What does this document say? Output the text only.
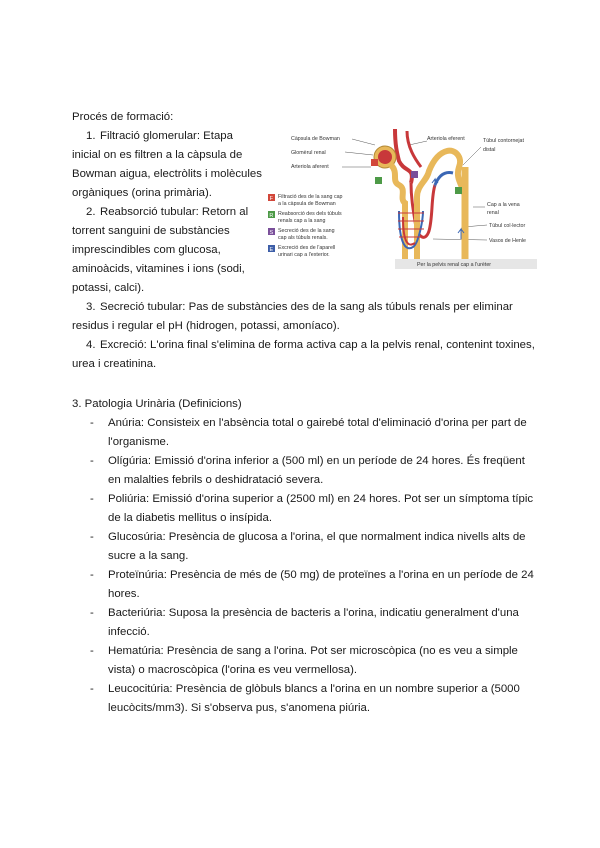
Procés de formació:
1. Filtració glomerular: Etapa
inicial on es filtren a la càpsula de
Bowman aigua, electròlits i molècules
orgàniques (orina primària).
2. Reabsorció tubular: Retorn al
torrent sanguini de substàncies
imprescindibles com glucosa,
aminoàcids, vitamines i ions (sodi,
potassi, calci).
3. Secreció tubular: Pas de substàncies des de la sang als túbuls renals per eliminar
residus i regular el pH (hidrogen, potassi, amoníaco).
4. Excreció: L'orina final s'elimina de forma activa cap a la pelvis renal, contenint toxines,
urea i creatinina.
Càpsula de Bowman
Glomèrul renal
Arteriola aferent
Arteriola eferent	Túbul contornejat
distal
Cap a la vena
renal
Túbul col·lector
Vasos de Henle
Per la pelvis renal cap a l'urèter
F Filtració des de la sang cap
a la càpsula de Bowman
R Reabsorció des dels túbuls
renals cap a la sang
S Secreció des de la sang
cap als túbuls renals.
E Excreció des de l'aparell
urinari cap a l'exterior.
3. Patologia Urinària (Definicions)
- Anúria: Consisteix en l'absència total o gairebé total d'eliminació d'orina per part de
l'organisme.
- Olígúria: Emissió d'orina inferior a (500 ml) en un període de 24 hores. És freqüent
en malalties febrils o deshidratació severa.
- Poliúria: Emissió d'orina superior a (2500 ml) en 24 hores. Pot ser un símptoma típic
de la diabetis mellitus o insípida.
- Glucosúria: Presència de glucosa a l'orina, el que normalment indica nivells alts de
sucre a la sang.
- Proteïnúria: Presència de més de (50 mg) de proteïnes a l'orina en un període de 24
hores.
- Bacteriúria: Suposa la presència de bacteris a l'orina, indicatiu generalment d'una
infecció.
- Hematúria: Presència de sang a l'orina. Pot ser microscòpica (no es veu a simple
vista) o macroscòpica (l'orina es veu vermellosa).
- Leucocitúria: Presència de glòbuls blancs a l'orina en un nombre superior a (5000
leucòcits/mm3). Si s'observa pus, s'anomena piúria.
